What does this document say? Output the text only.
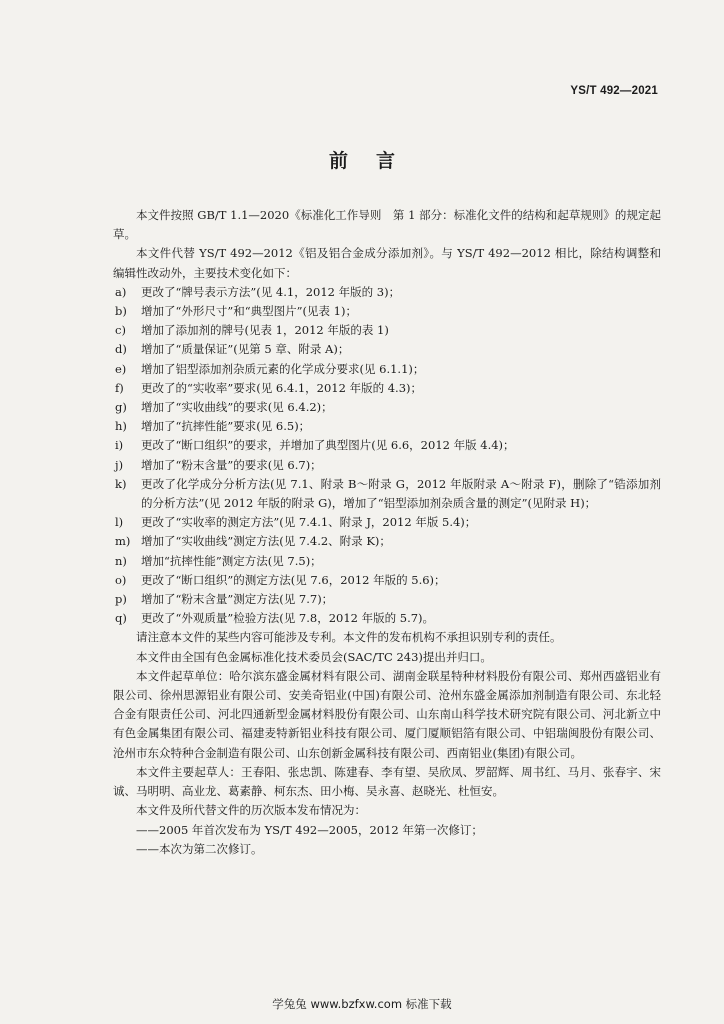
YS/T 492—2021
前言
本文件按照 GB/T 1.1—2020《标准化工作导则　第 1 部分：标准化文件的结构和起草规则》的规定起草。
本文件代替 YS/T 492—2012《铝及铝合金成分添加剂》。与 YS/T 492—2012 相比，除结构调整和编辑性改动外，主要技术变化如下：
a)	更改了“牌号表示方法”(见 4.1，2012 年版的 3)；
b)	增加了“外形尺寸”和“典型图片”(见表 1)；
c)	增加了添加剂的牌号(见表 1，2012 年版的表 1)
d)	增加了“质量保证”(见第 5 章、附录 A)；
e)	增加了铝型添加剂杂质元素的化学成分要求(见 6.1.1)；
f)	更改了的“实收率”要求(见 6.4.1，2012 年版的 4.3)；
g)	增加了“实收曲线”的要求(见 6.4.2)；
h)	增加了“抗摔性能”要求(见 6.5)；
i)	更改了“断口组织”的要求，并增加了典型图片(见 6.6，2012 年版 4.4)；
j)	增加了“粉末含量”的要求(见 6.7)；
k)	更改了化学成分分析方法(见 7.1、附录 B～附录 G，2012 年版附录 A～附录 F)，删除了“锆添加剂的分析方法”(见 2012 年版的附录 G)，增加了“铝型添加剂杂质含量的测定”(见附录 H)；
l)	更改了“实收率的测定方法”(见 7.4.1、附录 J，2012 年版 5.4)；
m) 增加了“实收曲线”测定方法(见 7.4.2、附录 K)；
n)	增加“抗摔性能”测定方法(见 7.5)；
o)	更改了“断口组织”的测定方法(见 7.6，2012 年版的 5.6)；
p)	增加了“粉末含量”测定方法(见 7.7)；
q)	更改了“外观质量”检验方法(见 7.8，2012 年版的 5.7)。
请注意本文件的某些内容可能涉及专利。本文件的发布机构不承担识别专利的责任。
本文件由全国有色金属标准化技术委员会(SAC/TC 243)提出并归口。
本文件起草单位：哈尔滨东盛金属材料有限公司、湖南金联星特种材料股份有限公司、郑州西盛铝业有限公司、徐州思源铝业有限公司、安美奇铝业(中国)有限公司、沧州东盛金属添加剂制造有限公司、东北轻合金有限责任公司、河北四通新型金属材料股份有限公司、山东南山科学技术研究院有限公司、河北新立中有色金属集团有限公司、福建麦特新铝业科技有限公司、厦门厦顺铝箔有限公司、中铝瑞闽股份有限公司、沧州市东众特种合金制造有限公司、山东创新金属科技有限公司、西南铝业(集团)有限公司。
本文件主要起草人：王春阳、张忠凯、陈建春、李有望、吴欣凤、罗韶辉、周书红、马月、张春宇、宋诚、马明明、高业龙、葛素静、柯东杰、田小梅、吴永喜、赵晓光、杜恒安。
本文件及所代替文件的历次版本发布情况为：
——2005 年首次发布为 YS/T 492—2005，2012 年第一次修订；
——本次为第二次修订。
学兔兔 www.bzfxw.com 标准下载
